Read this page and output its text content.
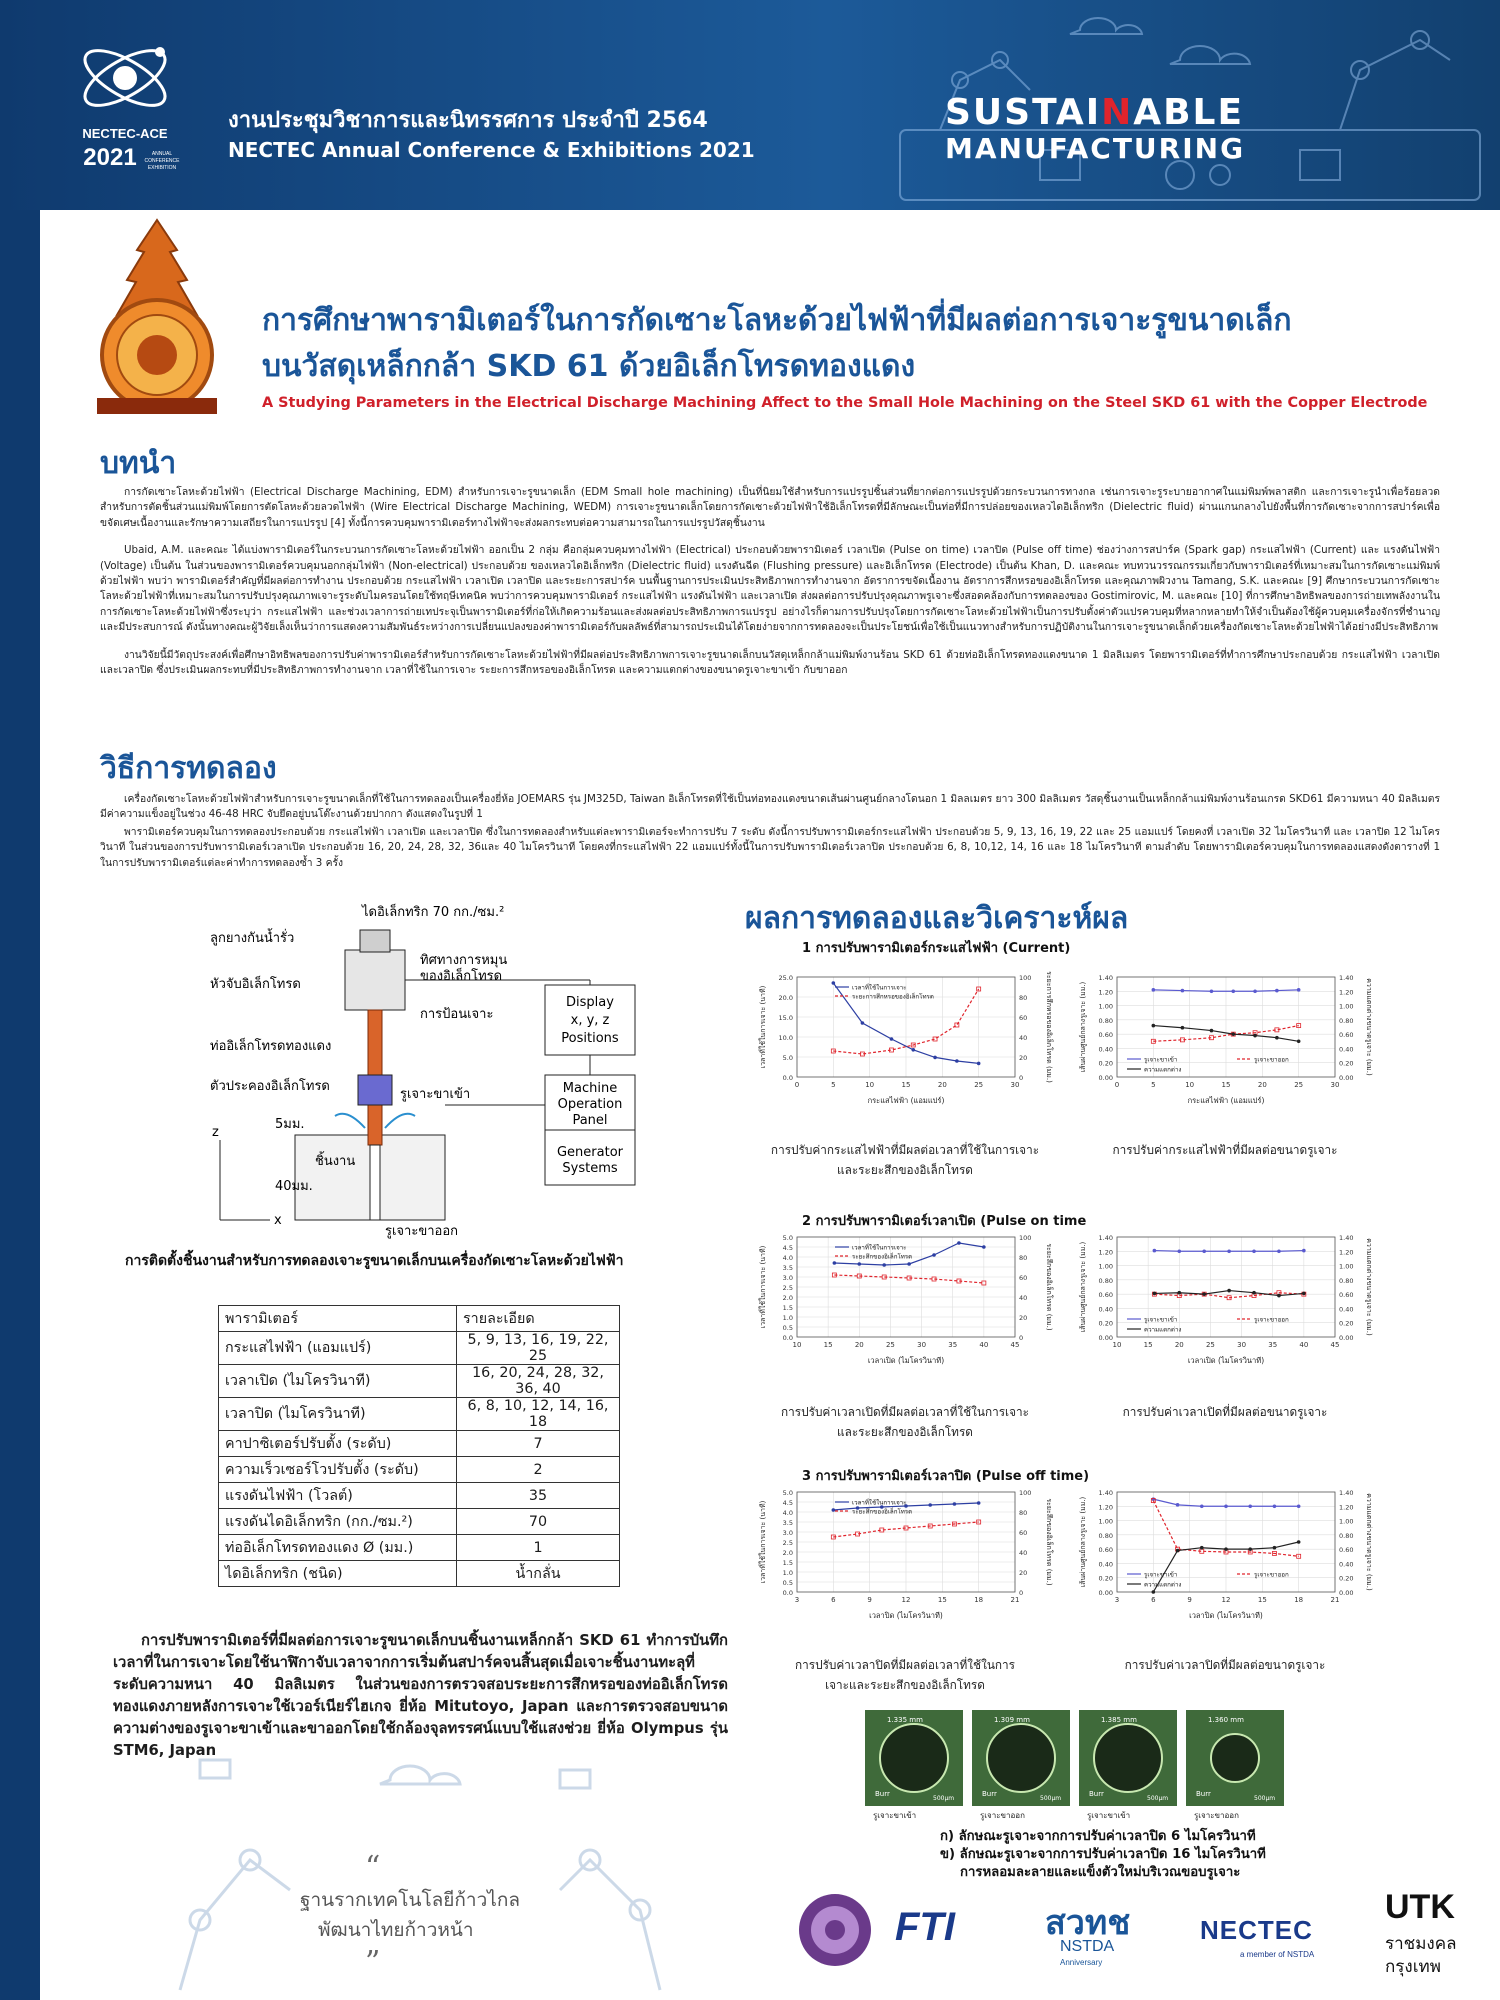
NECTEC-ACE
2021	ANNUAL
CONFERENCE
EXHIBITION
งานประชุมวิชาการและนิทรรศการ ประจำปี 2564
NECTEC Annual Conference & Exhibitions 2021
SUSTAINABLE
MANUFACTURING
การศึกษาพารามิเตอร์ในการกัดเซาะโลหะด้วยไฟฟ้าที่มีผลต่อการเจาะรูขนาดเล็ก
บนวัสดุเหล็กกล้า SKD 61 ด้วยอิเล็กโทรดทองแดง
A Studying Parameters in the Electrical Discharge Machining Affect to the Small Hole Machining on the Steel SKD 61 with the Copper Electrode
บทนำ

การกัดเซาะโลหะด้วยไฟฟ้า (Electrical Discharge Machining, EDM) สำหรับการเจาะรูขนาดเล็ก (EDM Small hole machining) เป็นที่นิยมใช้สำหรับการแปรรูปชิ้นส่วนที่ยากต่อการแปรรูปด้วยกระบวนการทางกล เช่นการเจาะรูระบายอากาศในแม่พิมพ์พลาสติก และการเจาะรูนำเพื่อร้อยลวดสำหรับการตัดชิ้นส่วนแม่พิมพ์โดยการตัดโลหะด้วยลวดไฟฟ้า (Wire Electrical Discharge Machining, WEDM) การเจาะรูขนาดเล็กโดยการกัดเซาะด้วยไฟฟ้าใช้อิเล็กโทรดที่มีลักษณะเป็นท่อที่มีการปล่อยของเหลวไดอิเล็กทริก (Dielectric fluid) ผ่านแกนกลางไปยังพื้นที่การกัดเซาะจากการสปาร์คเพื่อขจัดเศษเนื้องานและรักษาความเสถียรในการแปรรูป [4] ทั้งนี้การควบคุมพารามิเตอร์ทางไฟฟ้าจะส่งผลกระทบต่อความสามารถในการแปรรูปวัสดุชิ้นงาน

Ubaid, A.M. และคณะ ได้แบ่งพารามิเตอร์ในกระบวนการกัดเซาะโลหะด้วยไฟฟ้า ออกเป็น 2 กลุ่ม คือกลุ่มควบคุมทางไฟฟ้า (Electrical) ประกอบด้วยพารามิเตอร์ เวลาเปิด (Pulse on time) เวลาปิด (Pulse off time) ช่องว่างการสปาร์ค (Spark gap) กระแสไฟฟ้า (Current) และ แรงดันไฟฟ้า (Voltage) เป็นต้น ในส่วนของพารามิเตอร์ควบคุมนอกกลุ่มไฟฟ้า (Non-electrical) ประกอบด้วย ของเหลวไดอิเล็กทริก (Dielectric fluid) แรงดันฉีด (Flushing pressure) และอิเล็กโทรด (Electrode) เป็นต้น Khan, D. และคณะ ทบทวนวรรณกรรมเกี่ยวกับพารามิเตอร์ที่เหมาะสมในการกัดเซาะแม่พิมพ์ด้วยไฟฟ้า พบว่า พารามิเตอร์สำคัญที่มีผลต่อการทำงาน ประกอบด้วย กระแสไฟฟ้า เวลาเปิด เวลาปิด และระยะการสปาร์ค บนพื้นฐานการประเมินประสิทธิภาพการทำงานจาก อัตราการขจัดเนื้องาน อัตราการสึกหรอของอิเล็กโทรด และคุณภาพผิวงาน Tamang, S.K. และคณะ [9] ศึกษากระบวนการกัดเซาะโลหะด้วยไฟฟ้าที่เหมาะสมในการปรับปรุงคุณภาพเจาะรูระดับไมครอนโดยใช้ทฤษีเทคนิค พบว่าการควบคุมพารามิเตอร์ กระแสไฟฟ้า แรงดันไฟฟ้า และเวลาเปิด ส่งผลต่อการปรับปรุงคุณภาพรูเจาะซึ่งสอดคล้องกับการทดลองของ Gostimirovic, M. และคณะ [10] ที่การศึกษาอิทธิพลของการถ่ายเทพลังงานในการกัดเซาะโลหะด้วยไฟฟ้าซึ่งระบุว่า กระแสไฟฟ้า และช่วงเวลาการถ่ายเทประจุเป็นพารามิเตอร์ที่ก่อให้เกิดความร้อนและส่งผลต่อประสิทธิภาพการแปรรูป อย่างไรก็ตามการปรับปรุงโดยการกัดเซาะโลหะด้วยไฟฟ้าเป็นการปรับตั้งค่าตัวแปรควบคุมที่หลากหลายทำให้จำเป็นต้องใช้ผู้ควบคุมเครื่องจักรที่ชำนาญและมีประสบการณ์ ดังนั้นทางคณะผู้วิจัยเล็งเห็นว่าการแสดงความสัมพันธ์ระหว่างการเปลี่ยนแปลงของค่าพารามิเตอร์กับผลลัพธ์ที่สามารถประเมินได้โดยง่ายจากการทดลองจะเป็นประโยชน์เพื่อใช้เป็นแนวทางสำหรับการปฏิบัติงานในการเจาะรูขนาดเล็กด้วยเครื่องกัดเซาะโลหะด้วยไฟฟ้าได้อย่างมีประสิทธิภาพ

งานวิจัยนี้มีวัตถุประสงค์เพื่อศึกษาอิทธิพลของการปรับค่าพารามิเตอร์สำหรับการกัดเซาะโลหะด้วยไฟฟ้าที่มีผลต่อประสิทธิภาพการเจาะรูขนาดเล็กบนวัสดุเหล็กกล้าแม่พิมพ์งานร้อน SKD 61 ด้วยท่ออิเล็กโทรดทองแดงขนาด 1 มิลลิเมตร โดยพารามิเตอร์ที่ทำการศึกษาประกอบด้วย กระแสไฟฟ้า เวลาเปิด และเวลาปิด ซึ่งประเมินผลกระทบที่มีประสิทธิภาพการทำงานจาก เวลาที่ใช้ในการเจาะ ระยะการสึกหรอของอิเล็กโทรด และความแตกต่างของขนาดรูเจาะขาเข้า กับขาออก

วิธีการทดลอง

เครื่องกัดเซาะโลหะด้วยไฟฟ้าสำหรับการเจาะรูขนาดเล็กที่ใช้ในการทดลองเป็นเครื่องยี่ห้อ JOEMARS รุ่น JM325D, Taiwan อิเล็กโทรดที่ใช้เป็นท่อทองแดงขนาดเส้นผ่านศูนย์กลางโดนอก 1 มิลลเมตร ยาว 300 มิลลิเมตร วัสดุชิ้นงานเป็นเหล็กกล้าแม่พิมพ์งานร้อนเกรด SKD61 มีความหนา 40 มิลลิเมตร มีค่าความแข็งอยู่ในช่วง 46-48 HRC จับยึดอยู่บนโต๊ะงานด้วยปากกา ดังแสดงในรูปที่ 1

พารามิเตอร์ควบคุมในการทดลองประกอบด้วย กระแสไฟฟ้า เวลาเปิด และเวลาปิด ซึ่งในการทดลองสำหรับแต่ละพารามิเตอร์จะทำการปรับ 7 ระดับ ดังนี้การปรับพารามิเตอร์กระแสไฟฟ้า ประกอบด้วย 5, 9, 13, 16, 19, 22 และ 25 แอมแปร์ โดยคงที่ เวลาเปิด 32 ไมโครวินาที และ เวลาปิด 12 ไมโครวินาที ในส่วนของการปรับพารามิเตอร์เวลาเปิด ประกอบด้วย 16, 20, 24, 28, 32, 36และ 40 ไมโครวินาที โดยคงที่กระแสไฟฟ้า 22 แอมแปร์ทั้งนี้ในการปรับพารามิเตอร์เวลาปิด ประกอบด้วย 6, 8, 10,12, 14, 16 และ 18 ไมโครวินาที ตามลำดับ โดยพารามิเตอร์ควบคุมในการทดลองแสดงดังตารางที่ 1 ในการปรับพารามิเตอร์แต่ละค่าทำการทดลองซ้ำ 3 ครั้ง

ไดอิเล็กทริก 70 กก./ซม.²
ลูกยางกันน้ำรั่ว
หัวจับอิเล็กโทรด
ทิศทางการหมุน
ของอิเล็กโทรด
การป้อนเจาะ
ท่ออิเล็กโทรดทองแดง
ตัวประคองอิเล็กโทรด
รูเจาะขาเข้า
5มม.
ชิ้นงาน
40มม.
รูเจาะขาออก
z
x
Display
x, y, z
Positions
Machine
Operation
Panel
Generator
Systems
การติดตั้งชิ้นงานสำหรับการทดลองเจาะรูขนาดเล็กบนเครื่องกัดเซาะโลหะด้วยไฟฟ้า
พารามิเตอร์	รายละเอียด
กระแสไฟฟ้า (แอมแปร์)	5, 9, 13, 16, 19, 22, 25
เวลาเปิด (ไมโครวินาที)	16, 20, 24, 28, 32, 36, 40
เวลาปิด (ไมโครวินาที)	6, 8, 10, 12, 14, 16, 18
คาปาซิเตอร์ปรับตั้ง (ระดับ)	7
ความเร็วเซอร์โวปรับตั้ง (ระดับ)	2
แรงดันไฟฟ้า (โวลต์)	35
แรงดันไดอิเล็กทริก (กก./ซม.²)	70
ท่ออิเล็กโทรดทองแดง Ø (มม.)	1
ไดอิเล็กทริก (ชนิด)	น้ำกลั่น

การปรับพารามิเตอร์ที่มีผลต่อการเจาะรูขนาดเล็กบนชิ้นงานเหล็กกล้า SKD 61 ทำการบันทึกเวลาที่ในการเจาะโดยใช้นาฬิกาจับเวลาจากการเริ่มต้นสปาร์คจนสิ้นสุดเมื่อเจาะชิ้นงานทะลุที่ระดับความหนา 40 มิลลิเมตร ในส่วนของการตรวจสอบระยะการสึกหรอของท่ออิเล็กโทรดทองแดงภายหลังการเจาะใช้เวอร์เนียร์ไฮเกจ ยี่ห้อ Mitutoyo, Japan และการตรวจสอบขนาดความต่างของรูเจาะขาเข้าและขาออกโดยใช้กล้องจุลทรรศน์แบบใช้แสงช่วย ยี่ห้อ Olympus รุ่น STM6, Japan

“
ฐานรากเทคโนโลยีก้าวไกล
พัฒนาไทยก้าวหน้า
”
ผลการทดลองและวิเคราะห์ผล
1 การปรับพารามิเตอร์กระแสไฟฟ้า (Current)
2 การปรับพารามิเตอร์เวลาเปิด (Pulse on time
3 การปรับพารามิเตอร์เวลาปิด (Pulse off time)
0.0
5.0
10.0
15.0
20.0
25.0
0
20
40
60
80
100
0	5	10	15	20	25	30
กระแสไฟฟ้า (แอมแปร์)
เวลาที่ใช้ในการเจาะ (นาที)	ระยะการสึกหรอของอิเล็กโทรด (มม.)
เวลาที่ใช้ในการเจาะ
ระยะการสึกหรอของอิเล็กโทรด
0.00
0.20
0.40
0.60
0.80
1.00
1.20
1.40
0.00
0.20
0.40
0.60
0.80
1.00
1.20
1.40
0	5	10	15	20	25	30
กระแสไฟฟ้า (แอมแปร์)
เส้นผ่านศูนย์กลางรูเจาะ (มม.)	ความแตกต่างขนาดรูเจาะ (มม.)
รูเจาะขาเข้า	รูเจาะขาออก
ความแตกต่าง
0.0
0.5
1.0
1.5
2.0
2.5
3.0
3.5
4.0
4.5
5.0
0
20
40
60
80
100
10	15	20	25	30	35	40	45
เวลาเปิด (ไมโครวินาที)
เวลาที่ใช้ในการเจาะ (นาที)	ระยะสึกของอิเล็กโทรด (มม.)
เวลาที่ใช้ในการเจาะ
ระยะสึกของอิเล็กโทรด
0.00
0.20
0.40
0.60
0.80
1.00
1.20
1.40
0.00
0.20
0.40
0.60
0.80
1.00
1.20
1.40
10	15	20	25	30	35	40	45
เวลาเปิด (ไมโครวินาที)
เส้นผ่านศูนย์กลางรูเจาะ (มม.)	ความแตกต่างขนาดรูเจาะ (มม.)
รูเจาะขาเข้า	รูเจาะขาออก
ความแตกต่าง
0.0
0.5
1.0
1.5
2.0
2.5
3.0
3.5
4.0
4.5
5.0
0
20
40
60
80
100
3	6	9	12	15	18	21
เวลาปิด (ไมโครวินาที)
เวลาที่ใช้ในการเจาะ (นาที)	ระยะสึกของอิเล็กโทรด (มม.)
เวลาที่ใช้ในการเจาะ
ระยะสึกของอิเล็กโทรด
0.00
0.20
0.40
0.60
0.80
1.00
1.20
1.40
0.00
0.20
0.40
0.60
0.80
1.00
1.20
1.40
3	6	9	12	15	18	21
เวลาปิด (ไมโครวินาที)
เส้นผ่านศูนย์กลางรูเจาะ (มม.)	ความแตกต่างขนาดรูเจาะ (มม.)
รูเจาะขาเข้า	รูเจาะขาออก
ความแตกต่าง
การปรับค่ากระแสไฟฟ้าที่มีผลต่อเวลาที่ใช้ในการเจาะ
และระยะสึกของอิเล็กโทรด
การปรับค่ากระแสไฟฟ้าที่มีผลต่อขนาดรูเจาะ
การปรับค่าเวลาเปิดที่มีผลต่อเวลาที่ใช้ในการเจาะ
และระยะสึกของอิเล็กโทรด
การปรับค่าเวลาเปิดที่มีผลต่อขนาดรูเจาะ
การปรับค่าเวลาปิดที่มีผลต่อเวลาที่ใช้ในการ
เจาะและระยะสึกของอิเล็กโทรด
การปรับค่าเวลาปิดที่มีผลต่อขนาดรูเจาะ
1.335 mm
Burr
500µm
รูเจาะขาเข้า
1.309 mm
Burr
500µm
รูเจาะขาออก
1.385 mm
Burr
500µm
รูเจาะขาเข้า
1.360 mm
Burr
500µm
รูเจาะขาออก
ก) ลักษณะรูเจาะจากการปรับค่าเวลาปิด 6 ไมโครวินาที
ข) ลักษณะรูเจาะจากการปรับค่าเวลาปิด 16 ไมโครวินาที
การหลอมละลายและแข็งตัวใหม่บริเวณขอบรูเจาะ
FTI	สวทช
NSTDA
Anniversary
NECTEC
a member of NSTDA
UTK
ราชมงคล
กรุงเทพ
